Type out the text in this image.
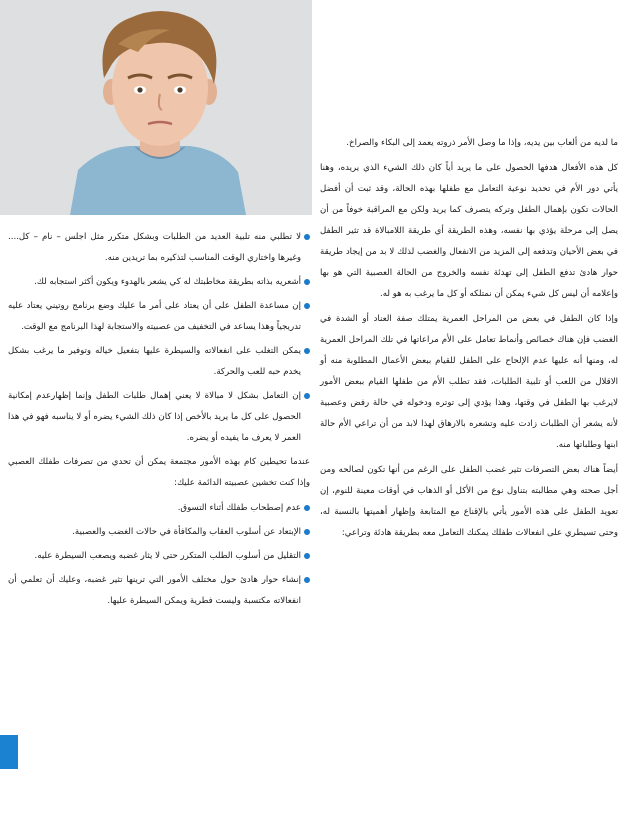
ما لديه من ألعاب بين يديه، وإذا ما وصل الأمر ذروته يعمد إلى البكاء والصراخ.

كل هذه الأفعال هدفها الحصول على ما يريد أياً كان ذلك الشيء الذي يريده، وهنا يأتي دور الأم في تحديد نوعية التعامل مع طفلها بهذه الحالة، وقد ثبت أن أفضل الحالات تكون بإهمال الطفل وتركه يتصرف كما يريد ولكن مع المراقبة خوفاً من أن يصل إلى مرحلة يؤذي بها نفسه، وهذه الطريقة أي طريقة اللامبالاة قد تثير الطفل في بعض الأحيان وتدفعه إلى المزيد من الانفعال والغضب لذلك لا بد من إيجاد طريقة حوار هادئ تدفع الطفل إلى تهدئة نفسه والخروج من الحالة العصبية التي هو بها وإعلامه أن ليس كل شيء يمكن أن نمتلكه أو كل ما يرغب به هو له.

وإذا كان الطفل في بعض من المراحل العمرية يمتلك صفة العناد أو الشدة في الغضب فإن هناك خصائص وأنماط تعامل على الأم مراعاتها في تلك المراحل العمرية له، ومنها أنه عليها عدم الإلحاح على الطفل للقيام ببعض الأعمال المطلوبة منه أو الاقلال من اللعب أو تلبية الطلبات، فقد تطلب الأم من طفلها القيام ببعض الأمور لايرغب بها الطفل في وقتها، وهذا يؤدي إلى توتره ودخوله في حالة رفض وعصبية لأنه يشعر أن الطلبات زادت عليه وتشعره بالارهاق لهذا لابد من أن تراعي الأم حالة ابنها وطلباتها منه.

أيضاً هناك بعض التصرفات تثير غضب الطفل على الرغم من أنها تكون لصالحه ومن أجل صحته وهي مطالبته بتناول نوع من الأكل أو الذهاب في أوقات معينة للنوم، إن تعويد الطفل على هذه الأمور يأتي بالإقناع مع المتابعة وإظهار أهميتها بالنسبة له، وحتى تسيطري على انفعالات طفلك يمكنك التعامل معه بطريقة هادئة وتراعي:

لا تطلبي منه تلبية العديد من الطلبات وبشكل متكرر مثل اجلس – نام – كل.... وغيرها واختاري الوقت المناسب لتذكيره بما تريدين منه.
أشعريه بذاته بطريقة مخاطبتك له كي يشعر بالهدوء ويكون أكثر استجابه لك.
إن مساعدة الطفل على أن يعتاد على أمر ما عليك وضع برنامج روتيني يعتاد عليه تدريجياً وهذا يساعد في التخفيف من عصبيته والاستجابة لهذا البرنامج مع الوقت.
يمكن التغلب على انفعالاته والسيطرة عليها بتفعيل خياله وتوفير ما يرغب بشكل يخدم حبه للعب والحركة.
إن التعامل بشكل لا مبالاة لا يعني إهمال طلبات الطفل وإنما إظهارعدم إمكانية الحصول على كل ما يريد بالأخص إذا كان ذلك الشيء يضره أو لا يناسبه فهو في هذا العمر لا يعرف ما يفيده أو يضره.

عندما تحيطين كام بهذه الأمور مجتمعة يمكن أن تحدي من تصرفات طفلك العصبي وإذا كنت تخشين عصبيته الدائمة عليك:

عدم إصطحاب طفلك أثناء التسوق.
الإبتعاد عن أسلوب العقاب والمكافأة في حالات الغضب والعصبية.
التقليل من أسلوب الطلب المتكرر حتى لا يثار غضبه ويصعب السيطرة عليه.
إنشاء حوار هادئ حول مختلف الأمور التي ترينها تثير غضبه، وعليك أن تعلمي أن انفعالاته مكتسبة وليست فطرية ويمكن السيطرة عليها.
